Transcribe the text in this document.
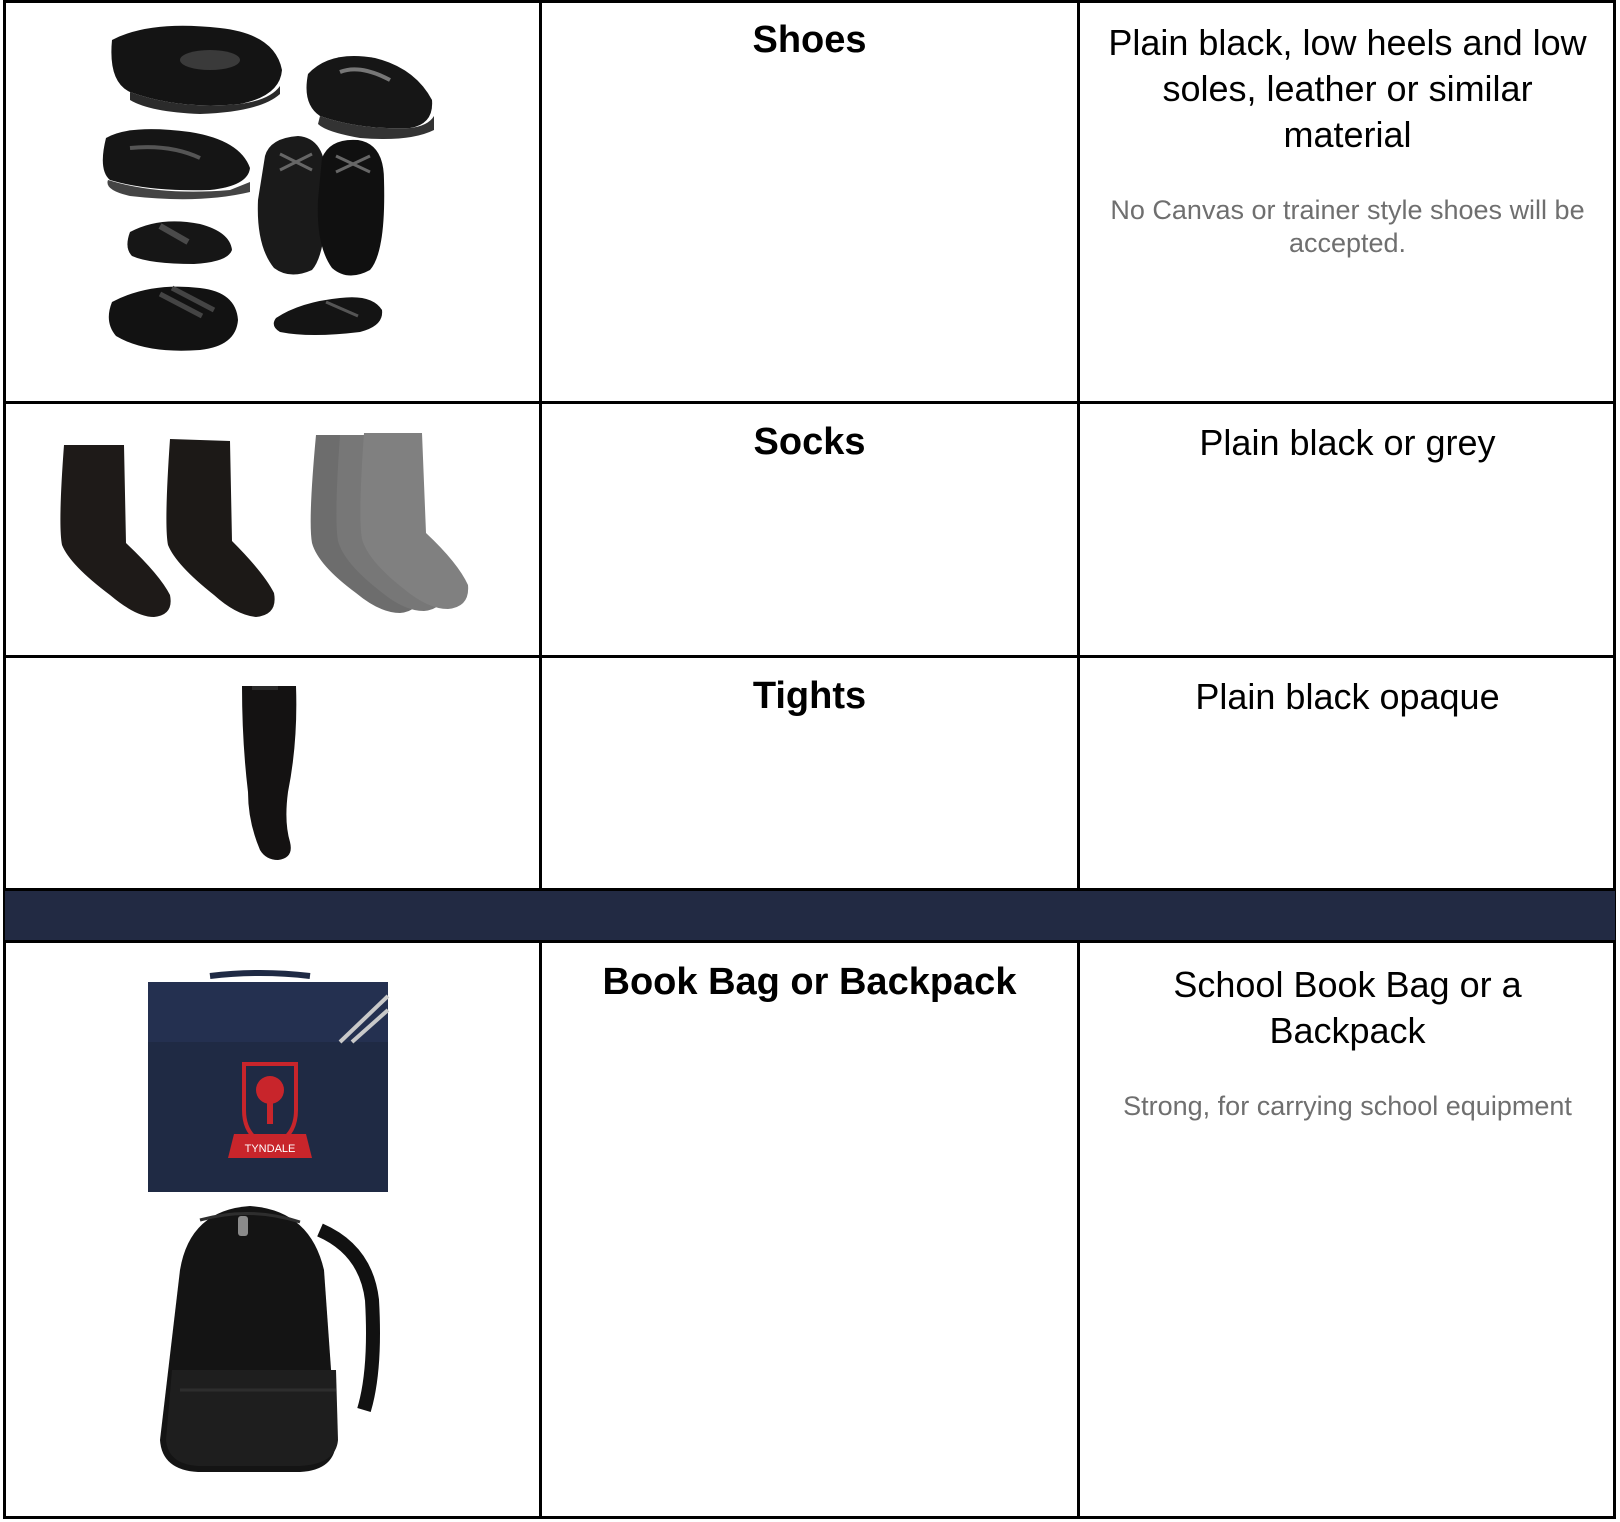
Shoes	Plain black, low heels and low soles, leather or similar material
No Canvas or trainer style shoes will be accepted.
Socks	Plain black or grey
Tights	Plain black opaque
Book Bag or Backpack	School Book Bag or a Backpack
Strong, for carrying school equipment
TYNDALE
